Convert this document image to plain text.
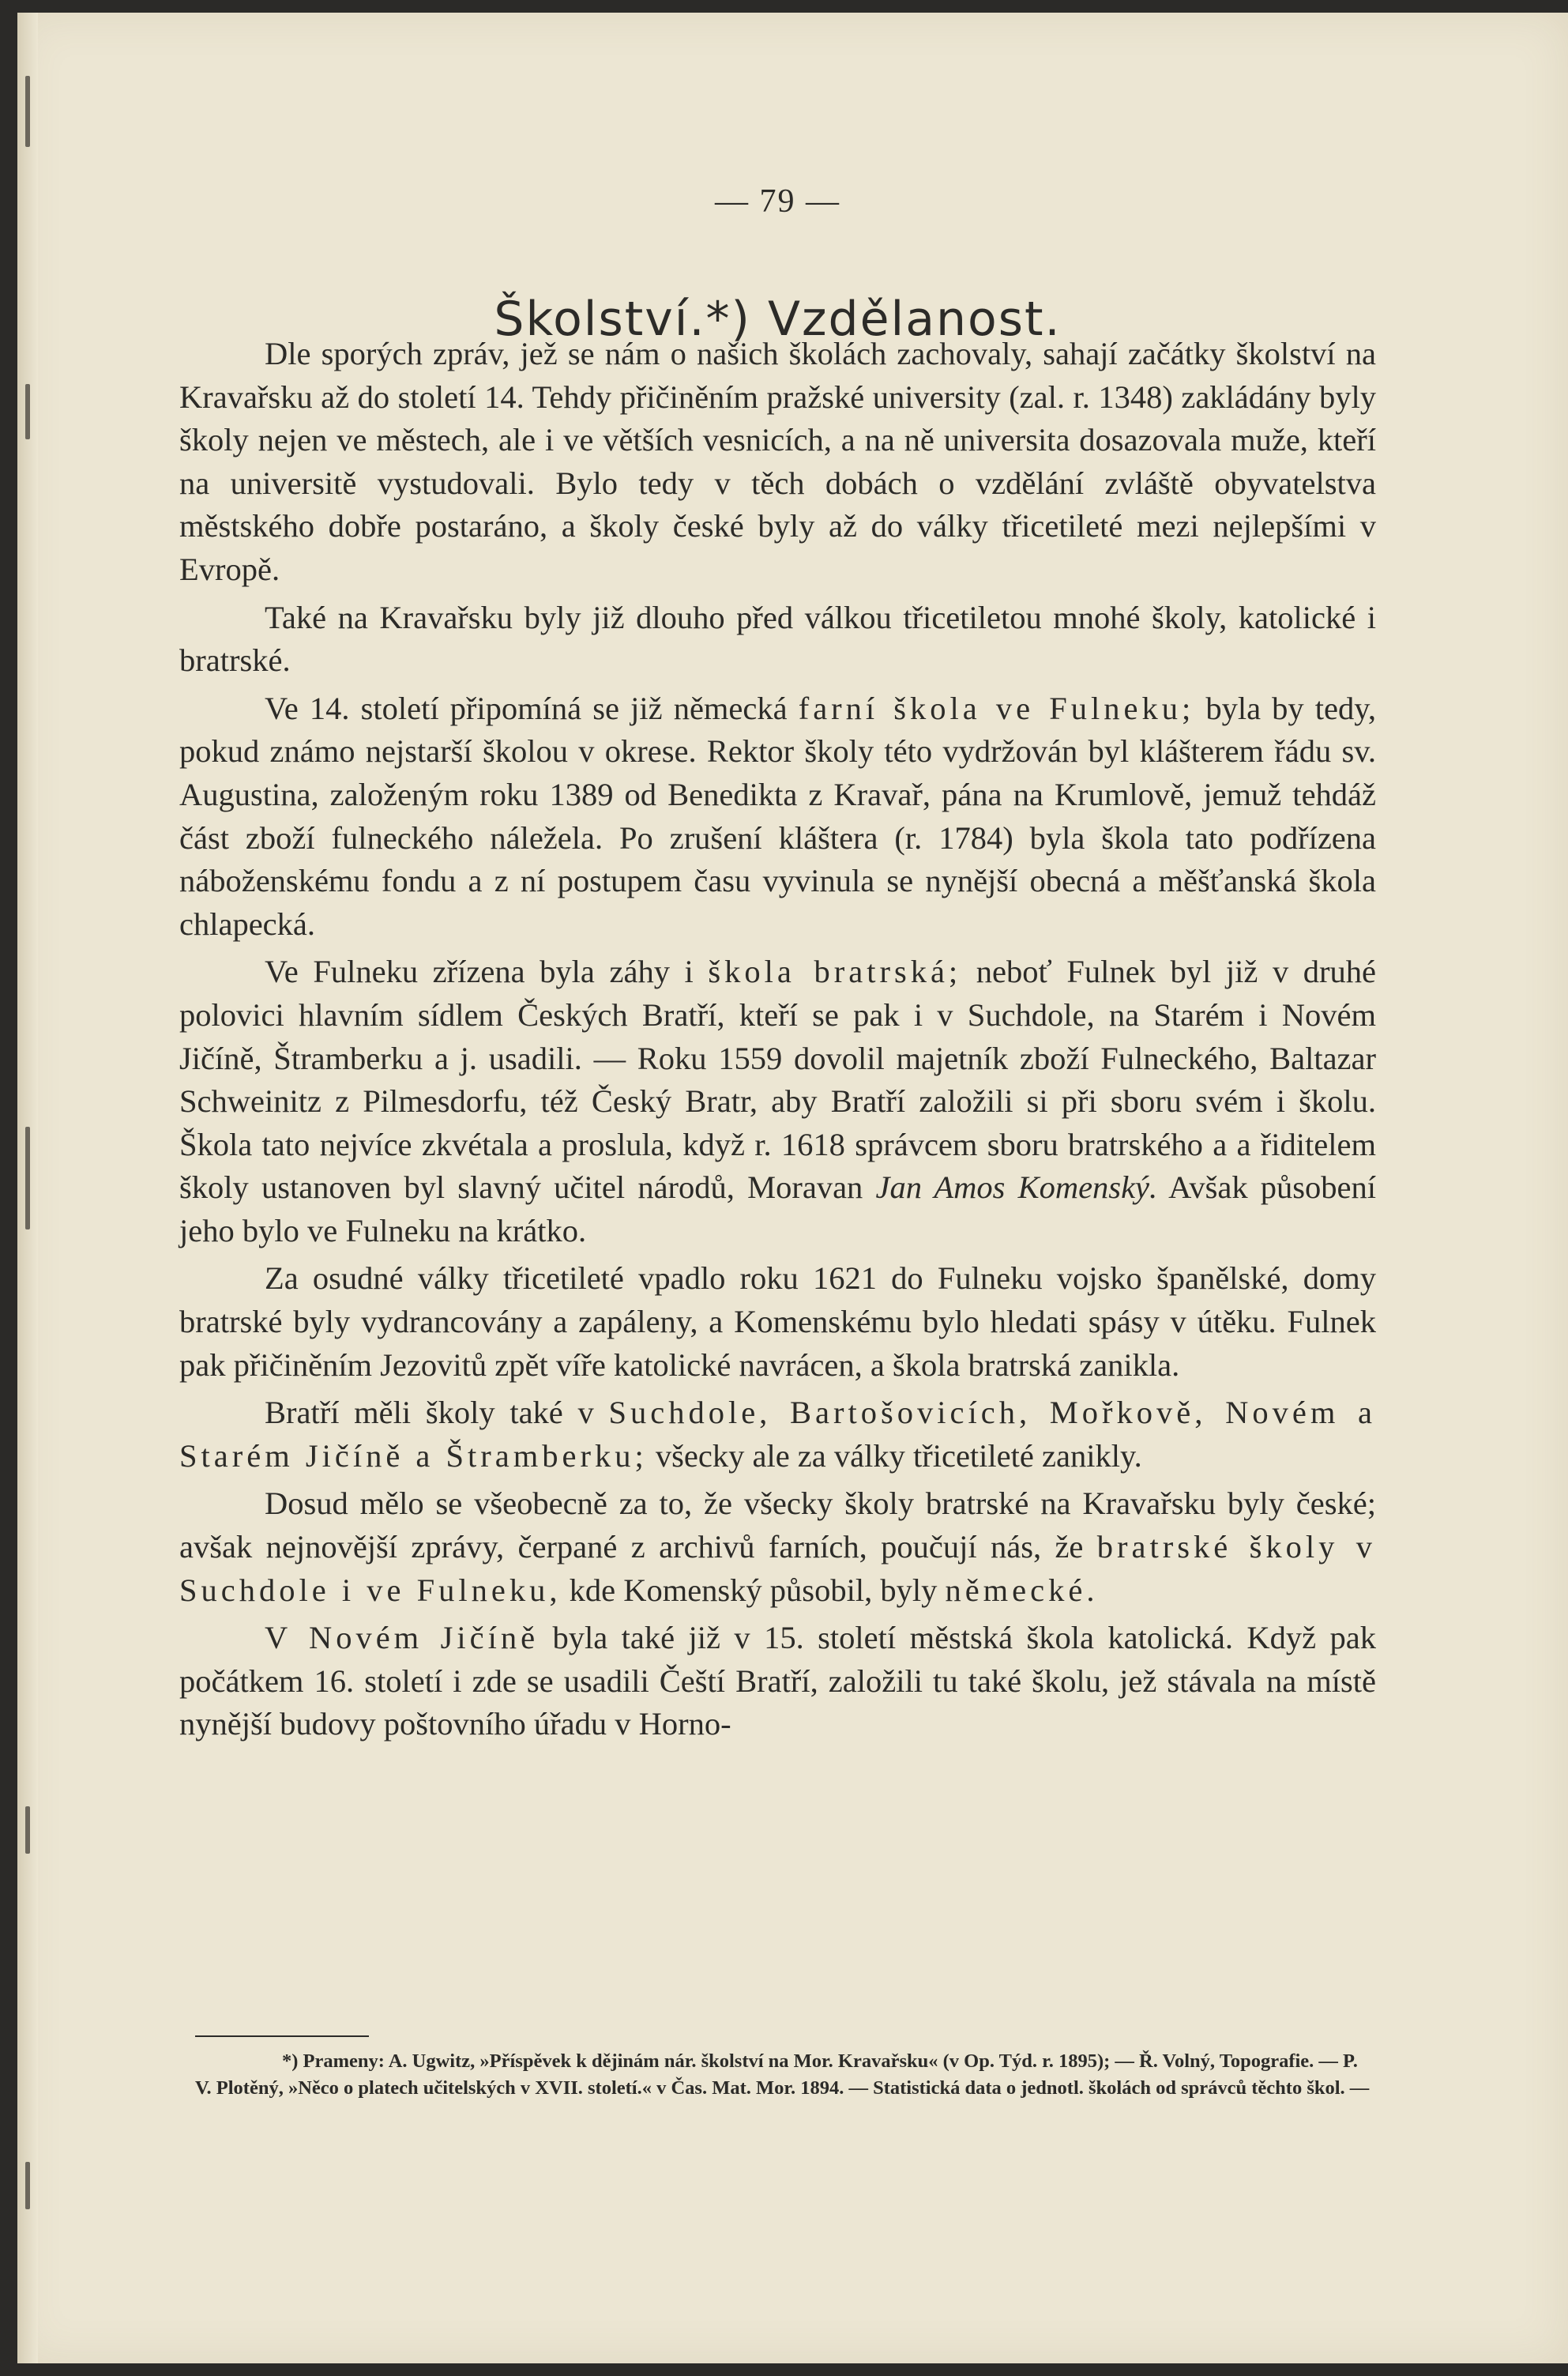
— 79 —
Školství.*) Vzdělanost.

Dle sporých zpráv, jež se nám o našich školách zachovaly, sahají začátky školství na Kravařsku až do století 14. Tehdy přičiněním pražské university (zal. r. 1348) zakládány byly školy nejen ve městech, ale i ve větších vesnicích, a na ně universita dosazovala muže, kteří na universitě vystudovali. Bylo tedy v těch dobách o vzdělání zvláště obyvatelstva městského dobře postaráno, a školy české byly až do války třicetileté mezi nejlepšími v Evropě.

Také na Kravařsku byly již dlouho před válkou třicetiletou mnohé školy, katolické i bratrské.

Ve 14. století připomíná se již německá farní škola ve Fulneku; byla by tedy, pokud známo nejstarší školou v okrese. Rektor školy této vydržován byl klášterem řádu sv. Augustina, založeným roku 1389 od Benedikta z Kravař, pána na Krumlově, jemuž tehdáž část zboží fulneckého náležela. Po zrušení kláštera (r. 1784) byla škola tato podřízena náboženskému fondu a z ní postupem času vyvinula se nynější obecná a měšťanská škola chlapecká.

Ve Fulneku zřízena byla záhy i škola bratrská; neboť Fulnek byl již v druhé polovici hlavním sídlem Českých Bratří, kteří se pak i v Suchdole, na Starém i Novém Jičíně, Štramberku a j. usadili. — Roku 1559 dovolil majetník zboží Fulneckého, Baltazar Schweinitz z Pilmesdorfu, též Český Bratr, aby Bratří založili si při sboru svém i školu. Škola tato nejvíce zkvétala a proslula, když r. 1618 správcem sboru bratrského a a řiditelem školy ustanoven byl slavný učitel národů, Moravan Jan Amos Komenský. Avšak působení jeho bylo ve Fulneku na krátko.

Za osudné války třicetileté vpadlo roku 1621 do Fulneku vojsko španělské, domy bratrské byly vydrancovány a zapáleny, a Komenskému bylo hledati spásy v útěku. Fulnek pak přičiněním Jezovitů zpět víře katolické navrácen, a škola bratrská zanikla.

Bratří měli školy také v Suchdole, Bartošovicích, Mořkově, Novém a Starém Jičíně a Štramberku; všecky ale za války třicetileté zanikly.

Dosud mělo se všeobecně za to, že všecky školy bratrské na Kravařsku byly české; avšak nejnovější zprávy, čerpané z archivů farních, poučují nás, že bratrské školy v Suchdole i ve Fulneku, kde Komenský působil, byly německé.

V Novém Jičíně byla také již v 15. století městská škola katolická. Když pak počátkem 16. století i zde se usadili Čeští Bratří, založili tu také školu, jež stávala na místě nynější budovy poštovního úřadu v Horno-

*) Prameny: A. Ugwitz, »Příspěvek k dějinám nár. školství na Mor. Kravařsku« (v Op. Týd. r. 1895); — Ř. Volný, Topografie. — P. V. Plotěný, »Něco o platech učitelských v XVII. století.« v Čas. Mat. Mor. 1894. — Statistická data o jednotl. školách od správců těchto škol. —
